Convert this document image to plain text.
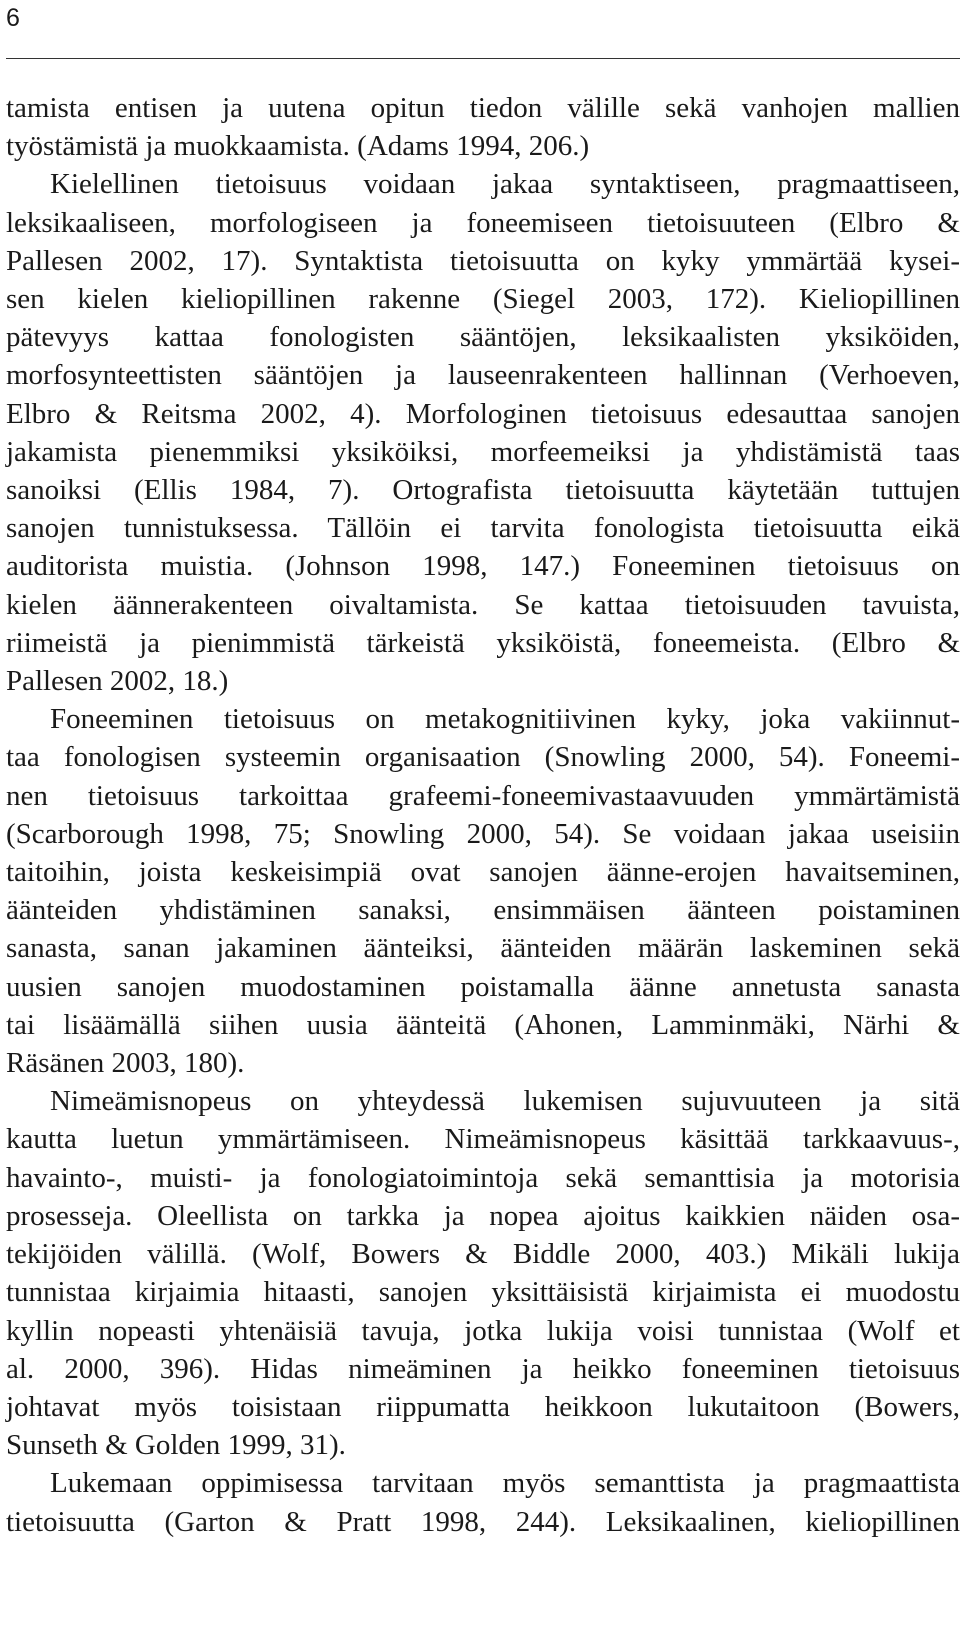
6

tamista entisen ja uutena opitun tiedon välille sekä vanhojen mallien

työstämistä ja muokkaamista. (Adams 1994, 206.)

Kielellinen tietoisuus voidaan jakaa syntaktiseen, pragmaattiseen,

leksikaaliseen, morfologiseen ja foneemiseen tietoisuuteen (Elbro &

Pallesen 2002, 17). Syntaktista tietoisuutta on kyky ymmärtää kysei-

sen kielen kieliopillinen rakenne (Siegel 2003, 172). Kieliopillinen

pätevyys kattaa fonologisten sääntöjen, leksikaalisten yksiköiden,

morfosynteettisten sääntöjen ja lauseenrakenteen hallinnan (Verhoeven,

Elbro & Reitsma 2002, 4). Morfologinen tietoisuus edesauttaa sanojen

jakamista pienemmiksi yksiköiksi, morfeemeiksi ja yhdistämistä taas

sanoiksi (Ellis 1984, 7). Ortografista tietoisuutta käytetään tuttujen

sanojen tunnistuksessa. Tällöin ei tarvita fonologista tietoisuutta eikä

auditorista muistia. (Johnson 1998, 147.) Foneeminen tietoisuus on

kielen äännerakenteen oivaltamista. Se kattaa tietoisuuden tavuista,

riimeistä ja pienimmistä tärkeistä yksiköistä, foneemeista. (Elbro &

Pallesen 2002, 18.)

Foneeminen tietoisuus on metakognitiivinen kyky, joka vakiinnut-

taa fonologisen systeemin organisaation (Snowling 2000, 54). Foneemi-

nen tietoisuus tarkoittaa grafeemi-foneemivastaavuuden ymmärtämistä

(Scarborough 1998, 75; Snowling 2000, 54). Se voidaan jakaa useisiin

taitoihin, joista keskeisimpiä ovat sanojen äänne-erojen havaitseminen,

äänteiden yhdistäminen sanaksi, ensimmäisen äänteen poistaminen

sanasta, sanan jakaminen äänteiksi, äänteiden määrän laskeminen sekä

uusien sanojen muodostaminen poistamalla äänne annetusta sanasta

tai lisäämällä siihen uusia äänteitä (Ahonen, Lamminmäki, Närhi &

Räsänen 2003, 180).

Nimeämisnopeus on yhteydessä lukemisen sujuvuuteen ja sitä

kautta luetun ymmärtämiseen. Nimeämisnopeus käsittää tarkkaavuus-,

havainto-, muisti- ja fonologiatoimintoja sekä semanttisia ja motorisia

prosesseja. Oleellista on tarkka ja nopea ajoitus kaikkien näiden osa-

tekijöiden välillä. (Wolf, Bowers & Biddle 2000, 403.) Mikäli lukija

tunnistaa kirjaimia hitaasti, sanojen yksittäisistä kirjaimista ei muodostu

kyllin nopeasti yhtenäisiä tavuja, jotka lukija voisi tunnistaa (Wolf et

al. 2000, 396). Hidas nimeäminen ja heikko foneeminen tietoisuus

johtavat myös toisistaan riippumatta heikkoon lukutaitoon (Bowers,

Sunseth & Golden 1999, 31).

Lukemaan oppimisessa tarvitaan myös semanttista ja pragmaattista

tietoisuutta (Garton & Pratt 1998, 244). Leksikaalinen, kieliopillinen
